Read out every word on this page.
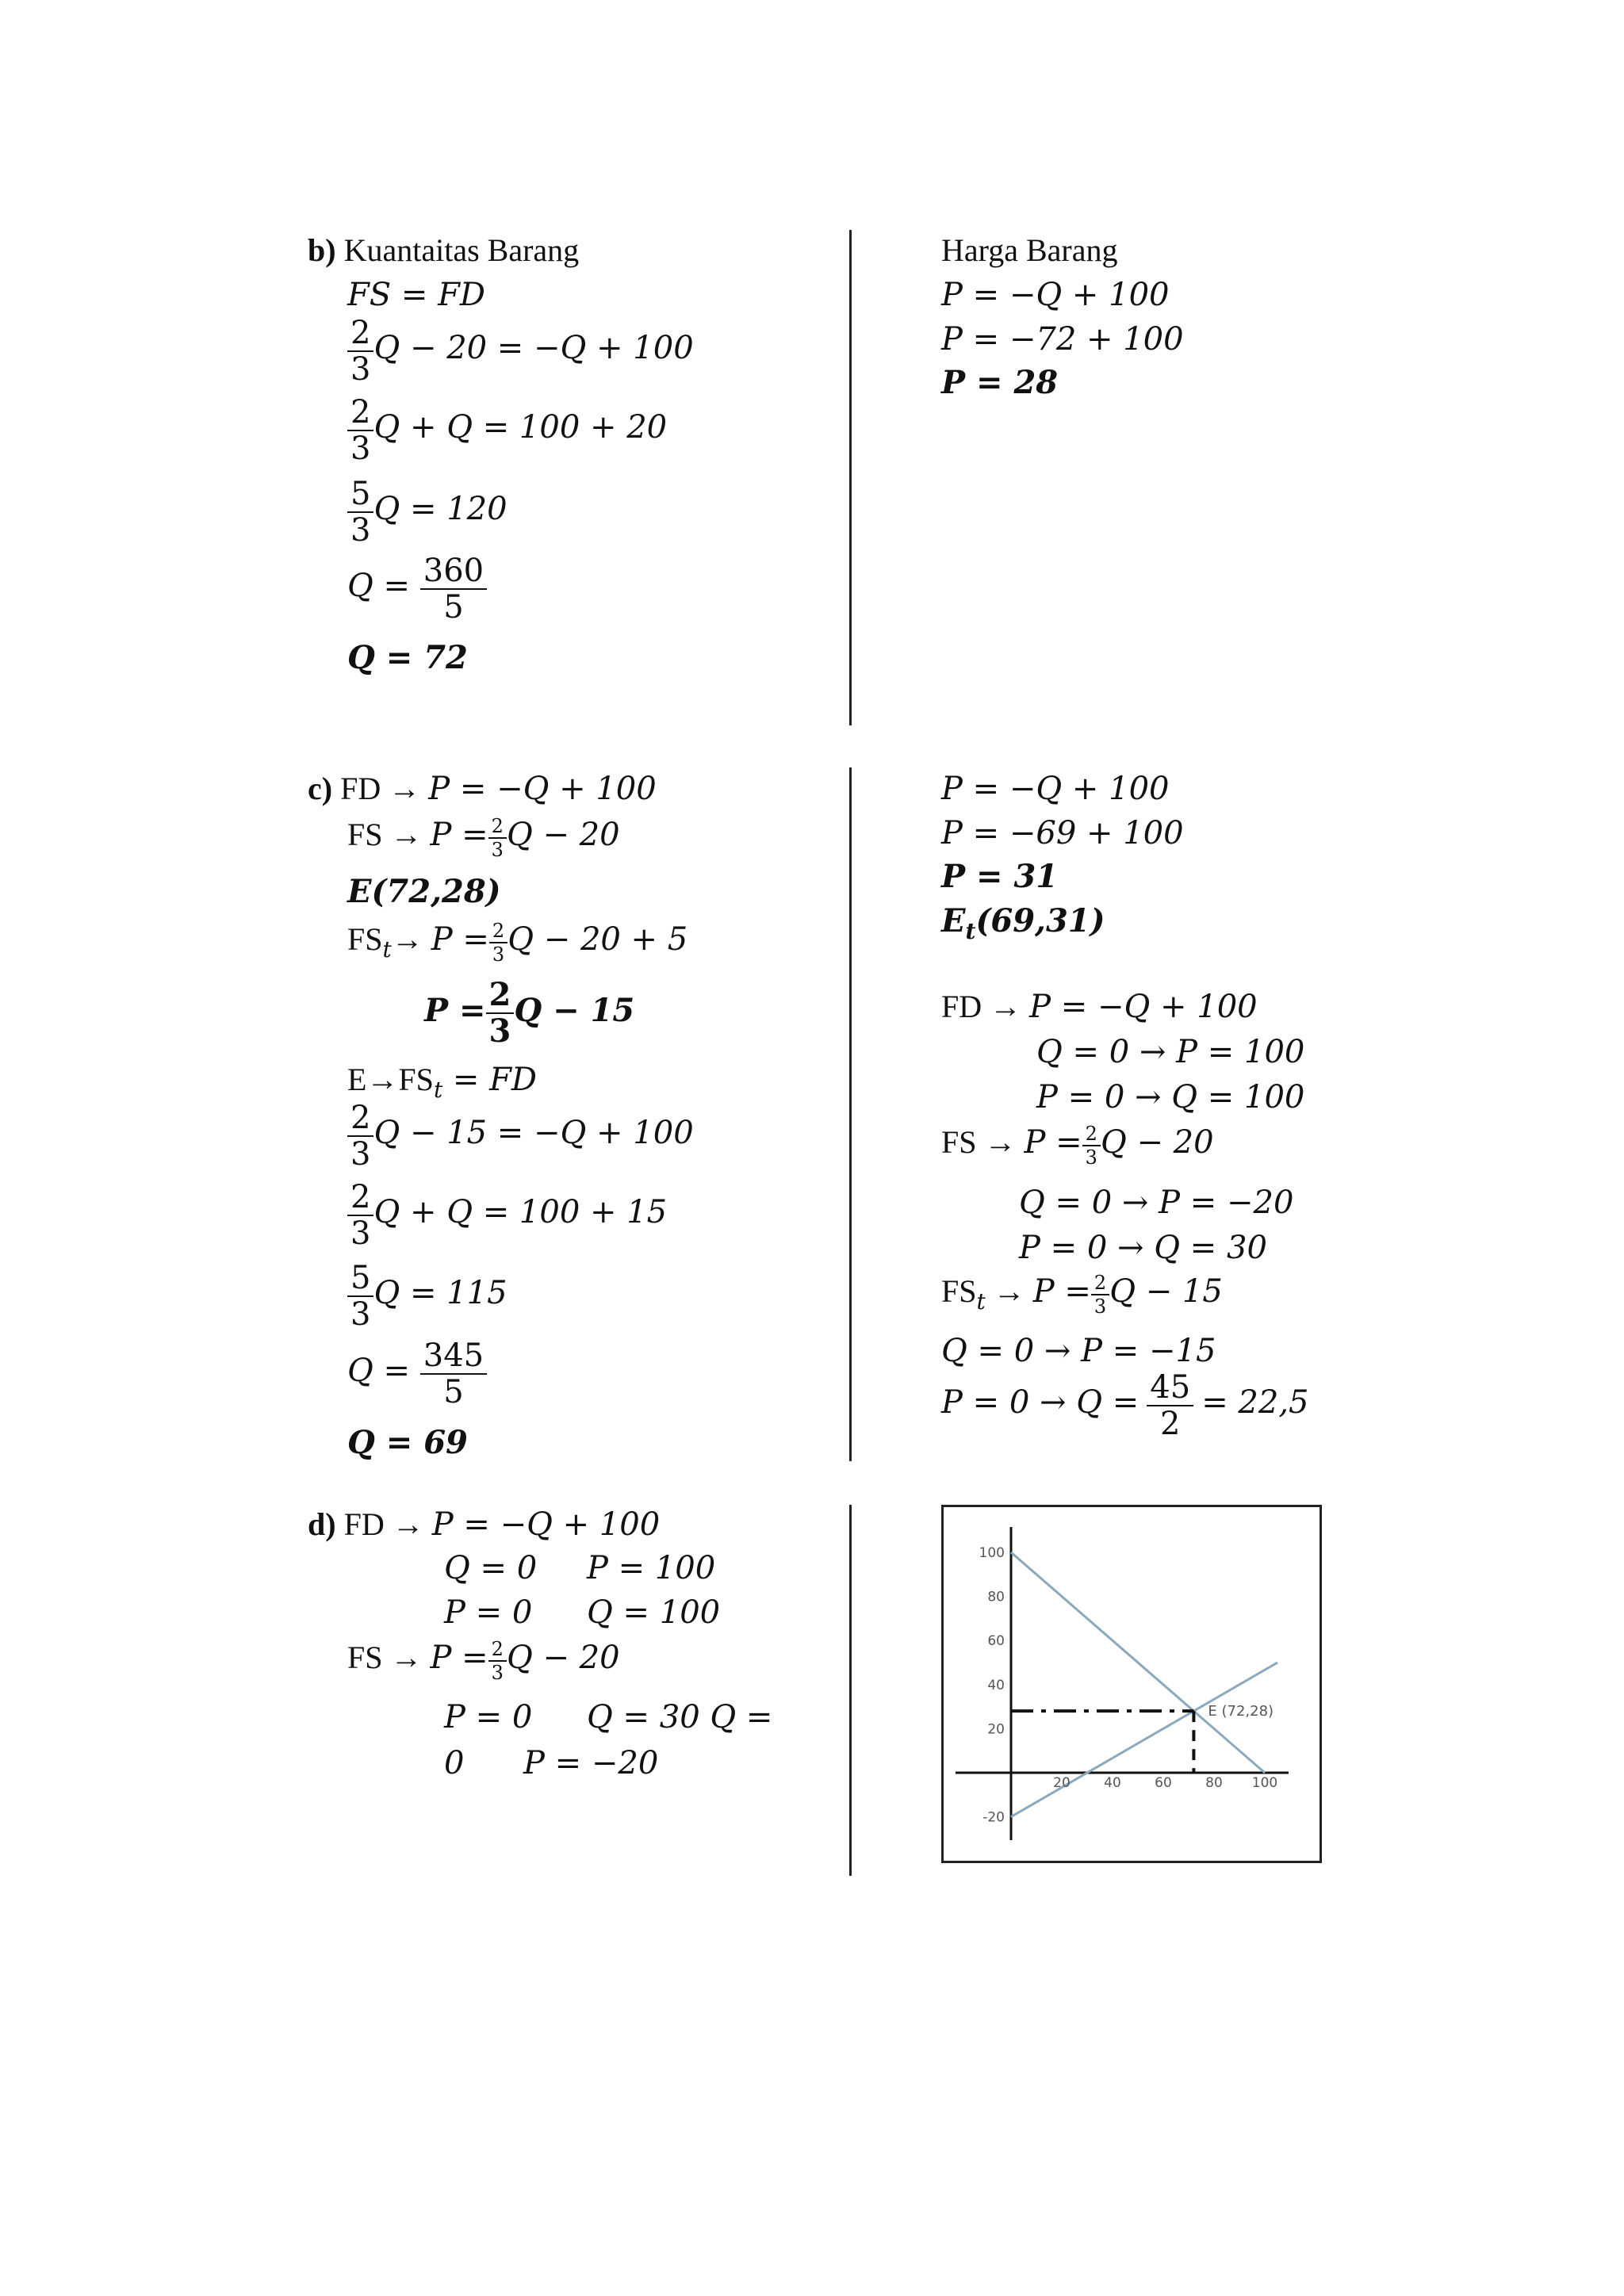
b) Kuantaitas Barang
FS = FD
$\frac{2}{3}$ Q − 20 = −Q + 100
$\frac{2}{3}$ Q + Q = 100 + 20
$\frac{5}{3}$ Q = 120
$Q = \frac{360}{5}$
Q = 72
Harga Barang
P = −Q + 100
P = −72 + 100
P = 28
c) FD → P = −Q + 100
FS → $P = \frac{2}{3}$ Q − 20
E(72,28)
$FS_t\to P = \frac{2}{3}$ Q − 20 + 5
$P = \frac{2}{3}$ Q − 15
$E\to FS_t$ = FD
$\frac{2}{3}$ Q − 15 = −Q + 100
$\frac{2}{3}$ Q + Q = 100 + 15
$\frac{5}{3}$ Q = 115
$Q = \frac{345}{5}$
Q = 69
P = −Q + 100
P = −69 + 100
P = 31
$E_t(69,31)$
FD → P = −Q + 100
Q = 0 → P = 100
P = 0 → Q = 100
FS → $P = \frac{2}{3}$ Q − 20
Q = 0 → P = −20
P = 0 → Q = 30
$FS_t \to P = \frac{2}{3}$ Q − 15
Q = 0 → P = −15
$P = 0 \to Q = \frac{45}{2} = 22,5$
d) FD → P = −Q + 100
Q = 0 P = 100
P = 0 Q = 100
FS → $P = \frac{2}{3}$ Q − 20
P = 0 Q = 30 Q =
0 P = −20
E (72,28)
20 40 60 80 100
100
80
60
40
20
-20
